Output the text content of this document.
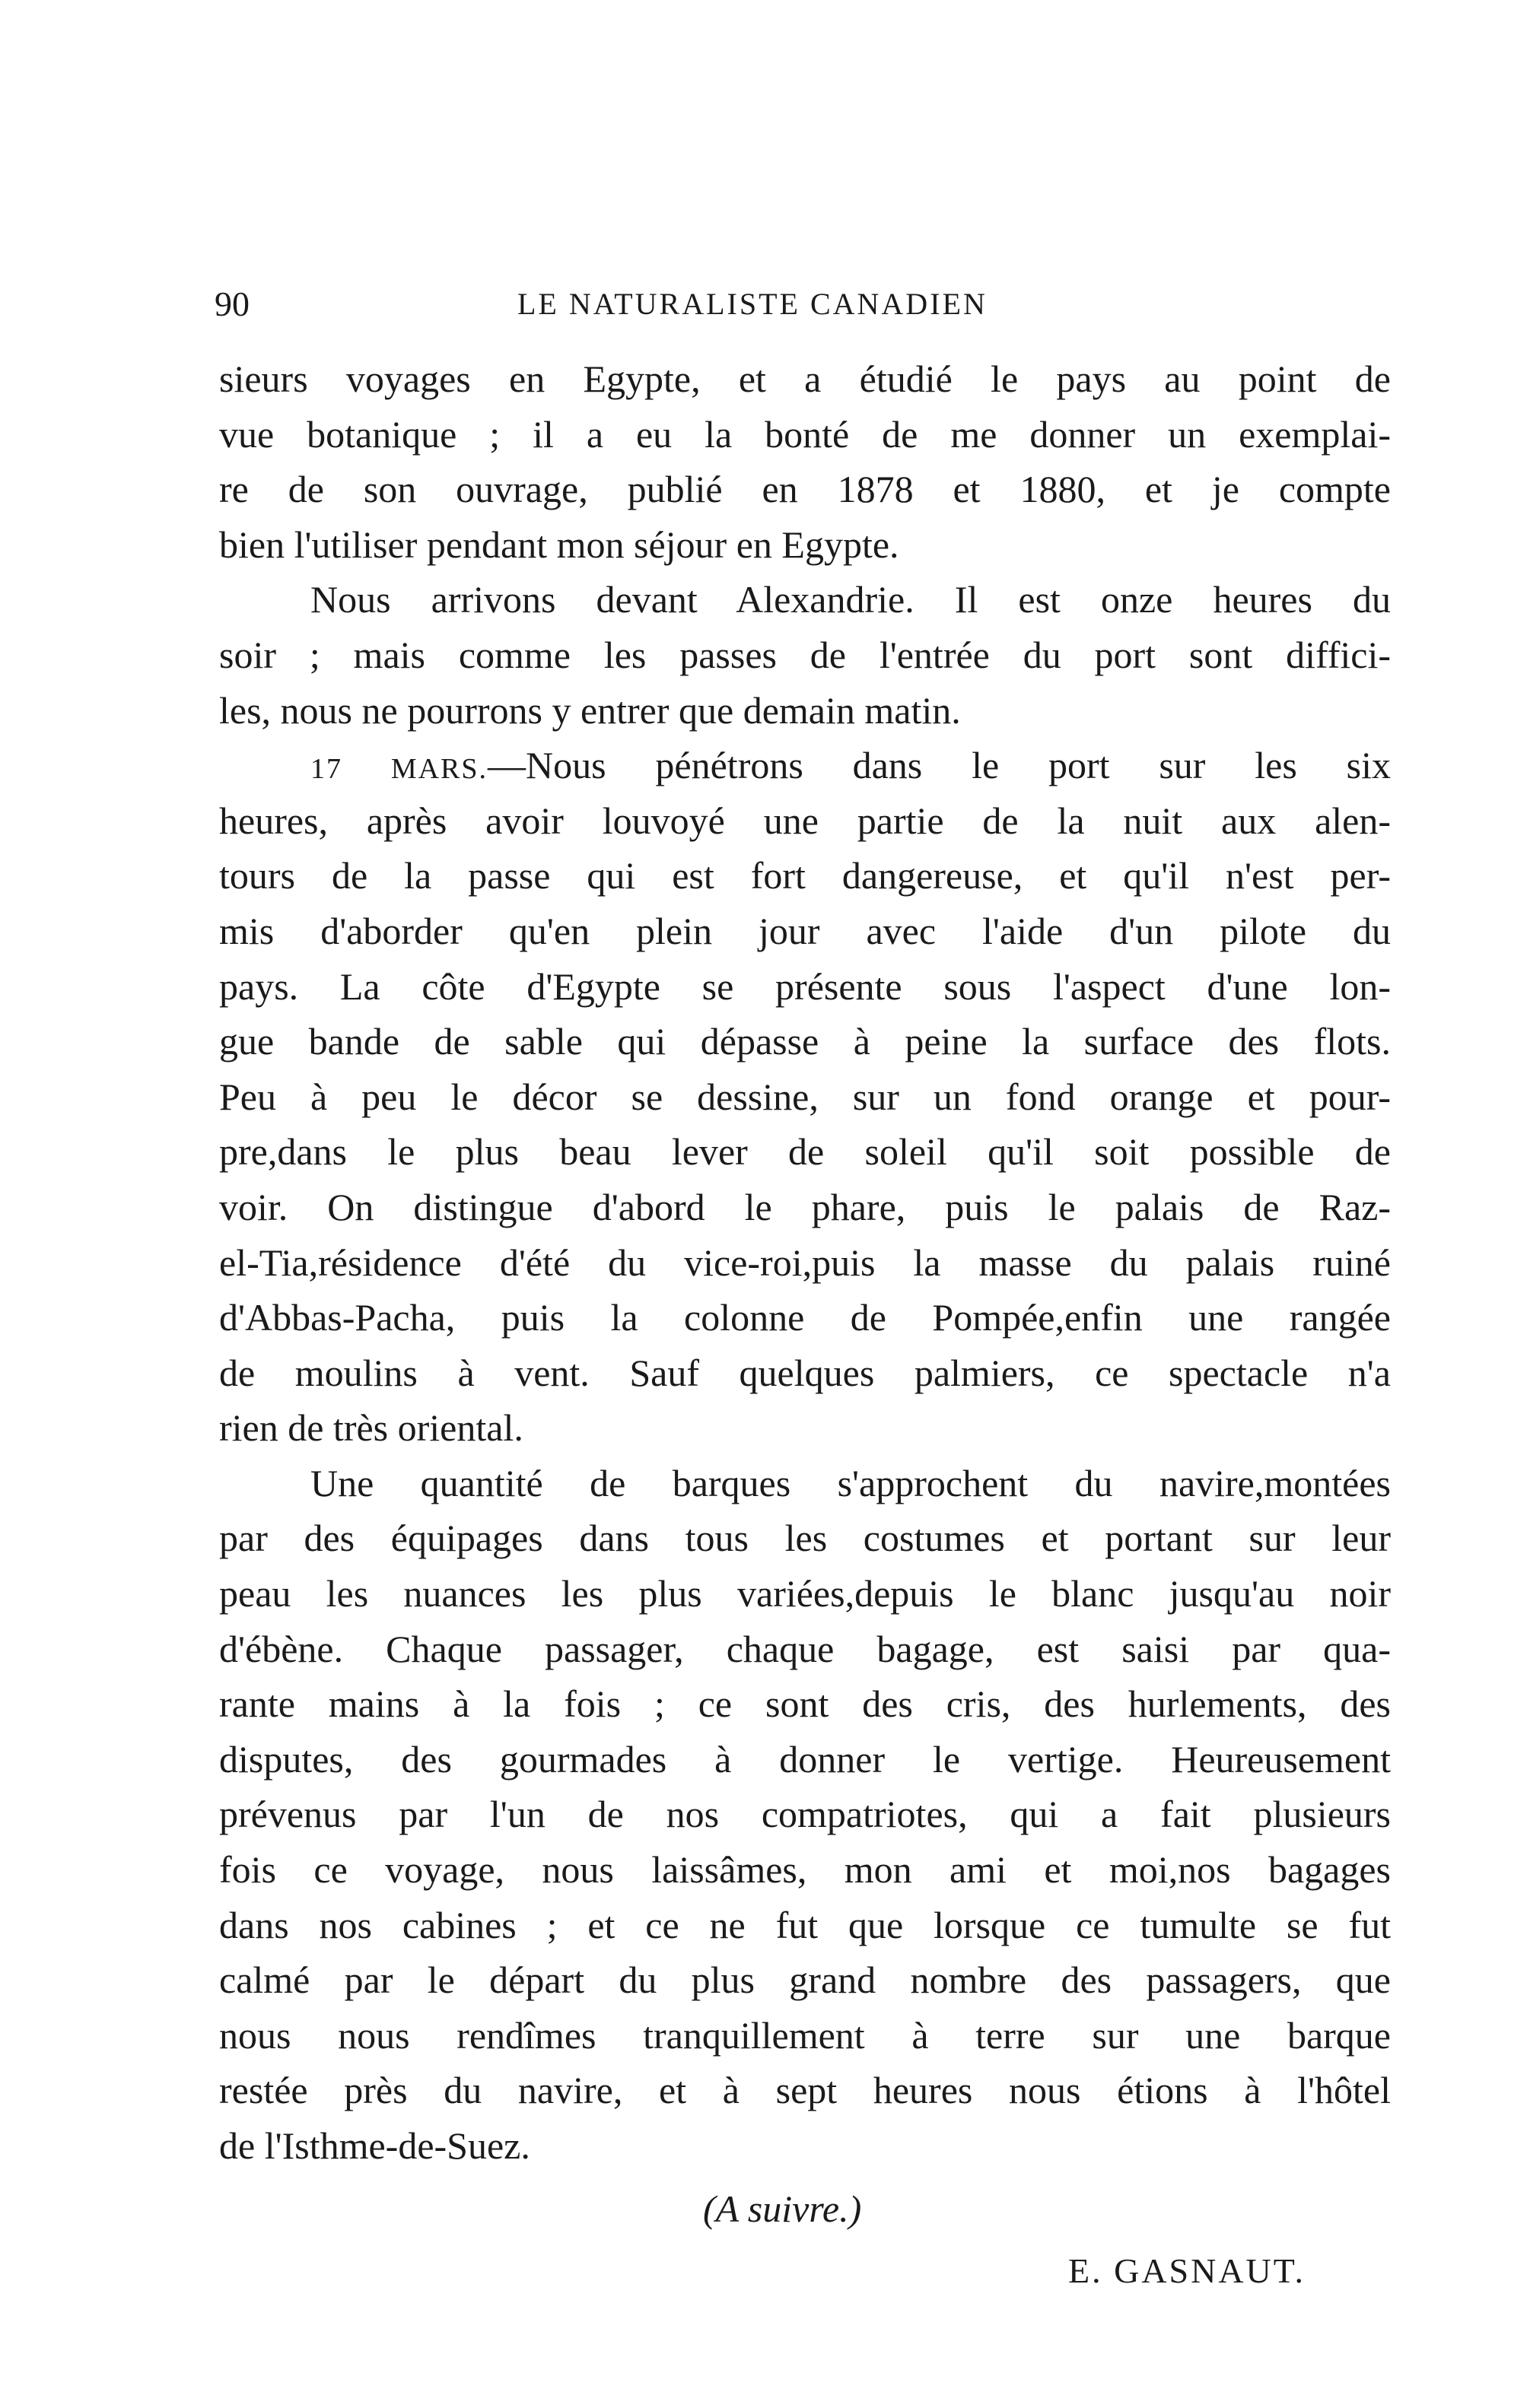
90	LE NATURALISTE CANADIEN
sieurs voyages en Egypte, et a étudié le pays au point de
vue botanique ; il a eu la bonté de me donner un exemplai-
re de son ouvrage, publié en 1878 et 1880, et je compte
bien l'utiliser pendant mon séjour en Egypte.
Nous arrivons devant Alexandrie. Il est onze heures du
soir ; mais comme les passes de l'entrée du port sont diffici-
les, nous ne pourrons y entrer que demain matin.
17 MARS.—Nous pénétrons dans le port sur les six
heures, après avoir louvoyé une partie de la nuit aux alen-
tours de la passe qui est fort dangereuse, et qu'il n'est per-
mis d'aborder qu'en plein jour avec l'aide d'un pilote du
pays. La côte d'Egypte se présente sous l'aspect d'une lon-
gue bande de sable qui dépasse à peine la surface des flots.
Peu à peu le décor se dessine, sur un fond orange et pour-
pre,dans le plus beau lever de soleil qu'il soit possible de
voir. On distingue d'abord le phare, puis le palais de Raz-
el-Tia,résidence d'été du vice-roi,puis la masse du palais ruiné
d'Abbas-Pacha, puis la colonne de Pompée,enfin une rangée
de moulins à vent. Sauf quelques palmiers, ce spectacle n'a
rien de très oriental.
Une quantité de barques s'approchent du navire,montées
par des équipages dans tous les costumes et portant sur leur
peau les nuances les plus variées,depuis le blanc jusqu'au noir
d'ébène. Chaque passager, chaque bagage, est saisi par qua-
rante mains à la fois ; ce sont des cris, des hurlements, des
disputes, des gourmades à donner le vertige. Heureusement
prévenus par l'un de nos compatriotes, qui a fait plusieurs
fois ce voyage, nous laissâmes, mon ami et moi,nos bagages
dans nos cabines ; et ce ne fut que lorsque ce tumulte se fut
calmé par le départ du plus grand nombre des passagers, que
nous nous rendîmes tranquillement à terre sur une barque
restée près du navire, et à sept heures nous étions à l'hôtel
de l'Isthme-de-Suez.
(A suivre.)
E. GASNAUT.
